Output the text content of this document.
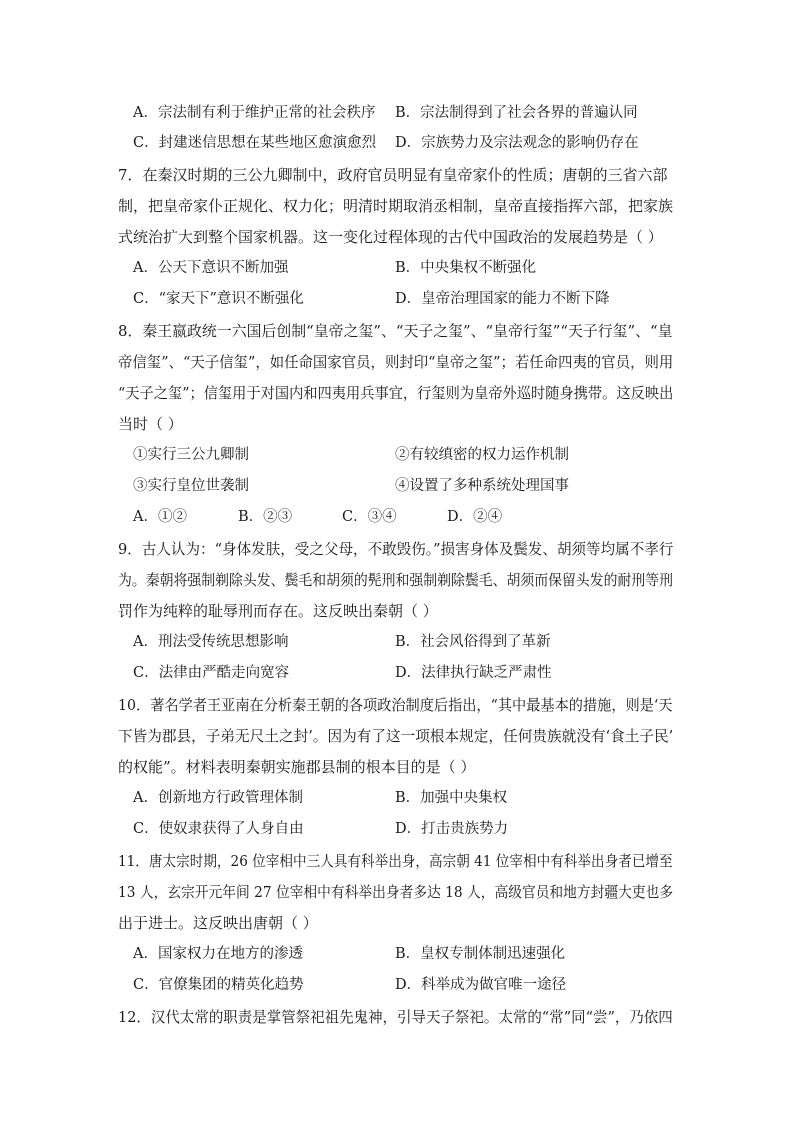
A．宗法制有利于维护正常的社会秩序 B．宗法制得到了社会各界的普遍认同
C．封建迷信思想在某些地区愈演愈烈 D．宗族势力及宗法观念的影响仍存在
7．在秦汉时期的三公九卿制中，政府官员明显有皇帝家仆的性质；唐朝的三省六部
制，把皇帝家仆正规化、权力化；明清时期取消丞相制，皇帝直接指挥六部，把家族
式统治扩大到整个国家机器。这一变化过程体现的古代中国政治的发展趋势是（ ）
A．公天下意识不断加强	B．中央集权不断强化
C．“家天下”意识不断强化	D．皇帝治理国家的能力不断下降
8．秦王嬴政统一六国后创制“皇帝之玺”、“天子之玺”、“皇帝行玺”“天子行玺”、“皇
帝信玺”、“天子信玺”，如任命国家官员，则封印“皇帝之玺”；若任命四夷的官员，则用
“天子之玺”；信玺用于对国内和四夷用兵事宜，行玺则为皇帝外巡时随身携带。这反映出
当时（ ）
①实行三公九卿制	②有较缜密的权力运作机制
③实行皇位世袭制	④设置了多种系统处理国事
A．①②	B．②③	C．③④	D．②④
9．古人认为：“身体发肤，受之父母，不敢毁伤。”损害身体及鬓发、胡须等均属不孝行
为。秦朝将强制剃除头发、鬓毛和胡须的髡刑和强制剃除鬓毛、胡须而保留头发的耐刑等刑
罚作为纯粹的耻辱刑而存在。这反映出秦朝（ ）
A．刑法受传统思想影响	B．社会风俗得到了革新
C．法律由严酷走向宽容	D．法律执行缺乏严肃性
10．著名学者王亚南在分析秦王朝的各项政治制度后指出，“其中最基本的措施，则是‘天
下皆为郡县，子弟无尺土之封’。因为有了这一项根本规定，任何贵族就没有‘食土子民’
的权能”。材料表明秦朝实施郡县制的根本目的是（ ）
A．创新地方行政管理体制	B．加强中央集权
C．使奴隶获得了人身自由	D．打击贵族势力
11．唐太宗时期，26 位宰相中三人具有科举出身，高宗朝 41 位宰相中有科举出身者已增至
13 人，玄宗开元年间 27 位宰相中有科举出身者多达 18 人，高级官员和地方封疆大吏也多
出于进士。这反映出唐朝（ ）
A．国家权力在地方的渗透	B．皇权专制体制迅速强化
C．官僚集团的精英化趋势	D．科举成为做官唯一途径
12．汉代太常的职责是掌管祭祀祖先鬼神，引导天子祭祀。太常的“常”同“尝”，乃依四
